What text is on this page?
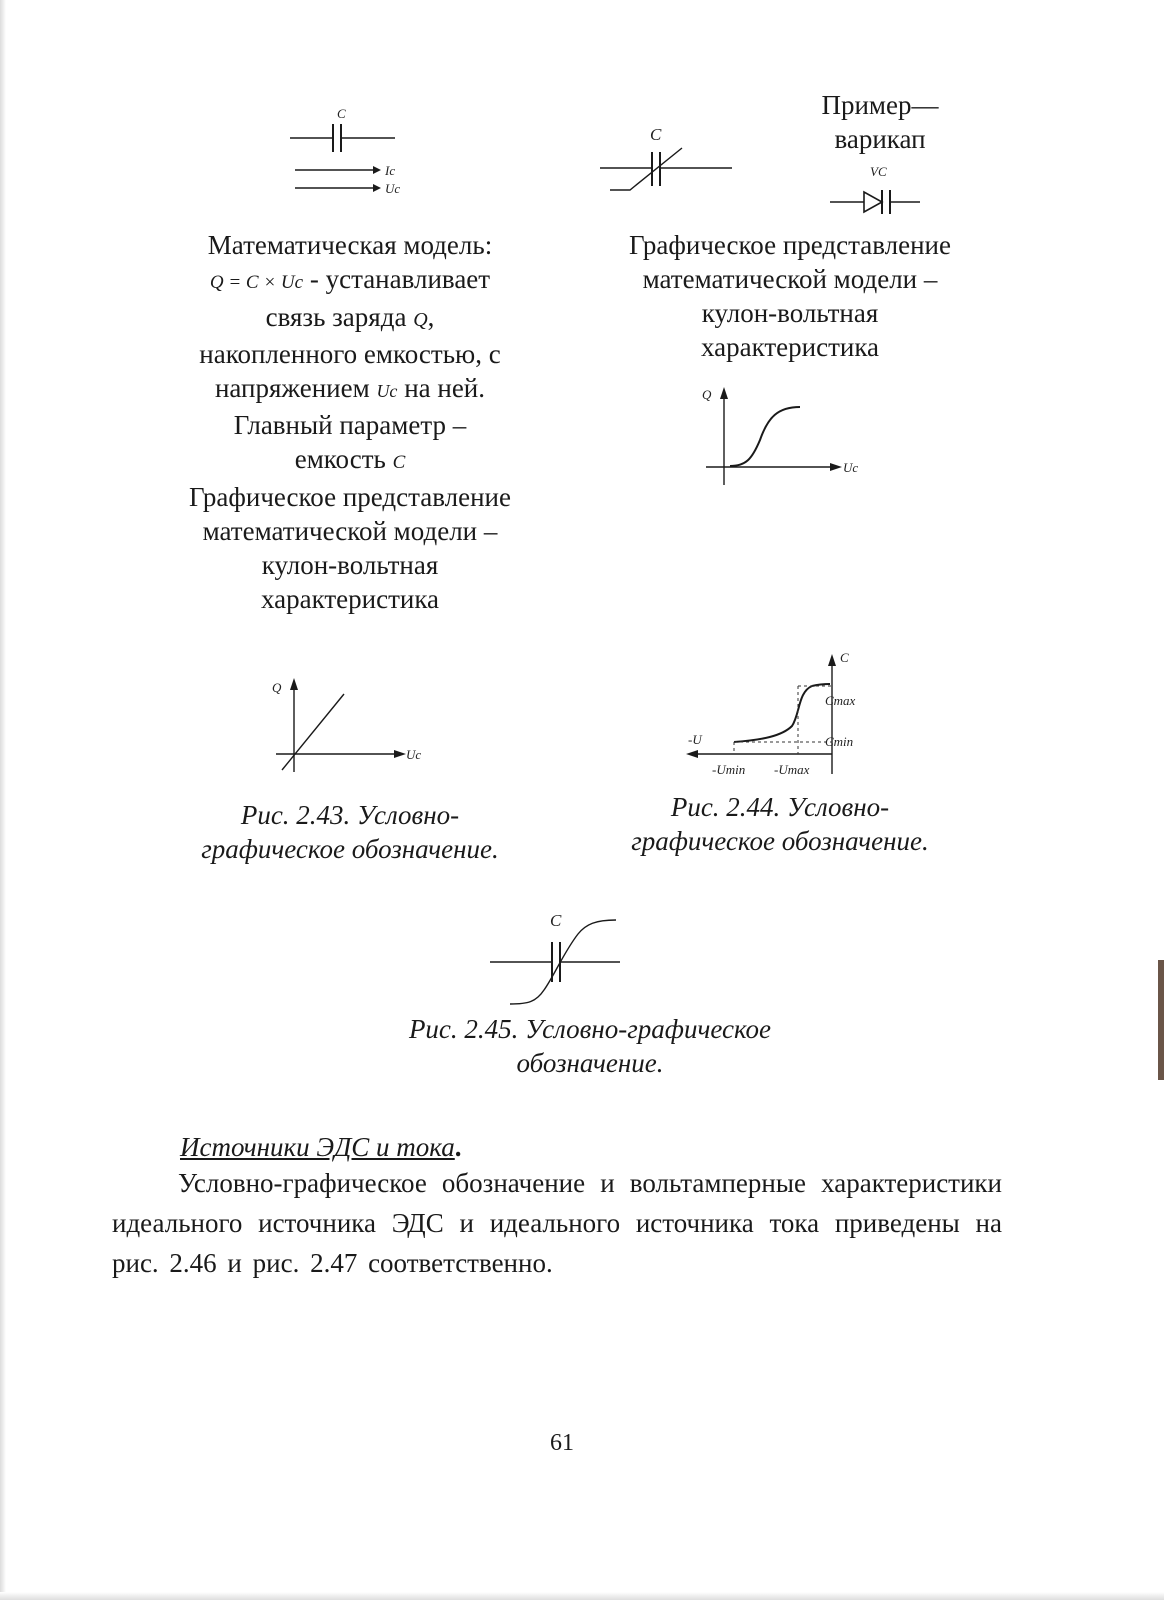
C
Ic
Uc
C
Пример—
варикап
VC
Математическая модель:
Q = C × Uc - устанавливает
связь заряда Q,
накопленного емкостью, с
напряжением Uc на ней.
Главный параметр –
емкость C
Графическое представление
математической модели –
кулон-вольтная
характеристика
Графическое представление
математической модели –
кулон-вольтная
характеристика
Q
Uc
Q
Uc
C
-U
Cmax
Cmin
-Umin -Umax
Рис. 2.43. Условно-
графическое обозначение.
Рис. 2.44. Условно-
графическое обозначение.
C
Рис. 2.45. Условно-графическое
обозначение.
Источники ЭДС и тока.

Условно-графическое обозначение и вольтамперные характеристики идеального источника ЭДС и идеального источника тока приведены на рис. 2.46 и рис. 2.47 соответственно.

61
